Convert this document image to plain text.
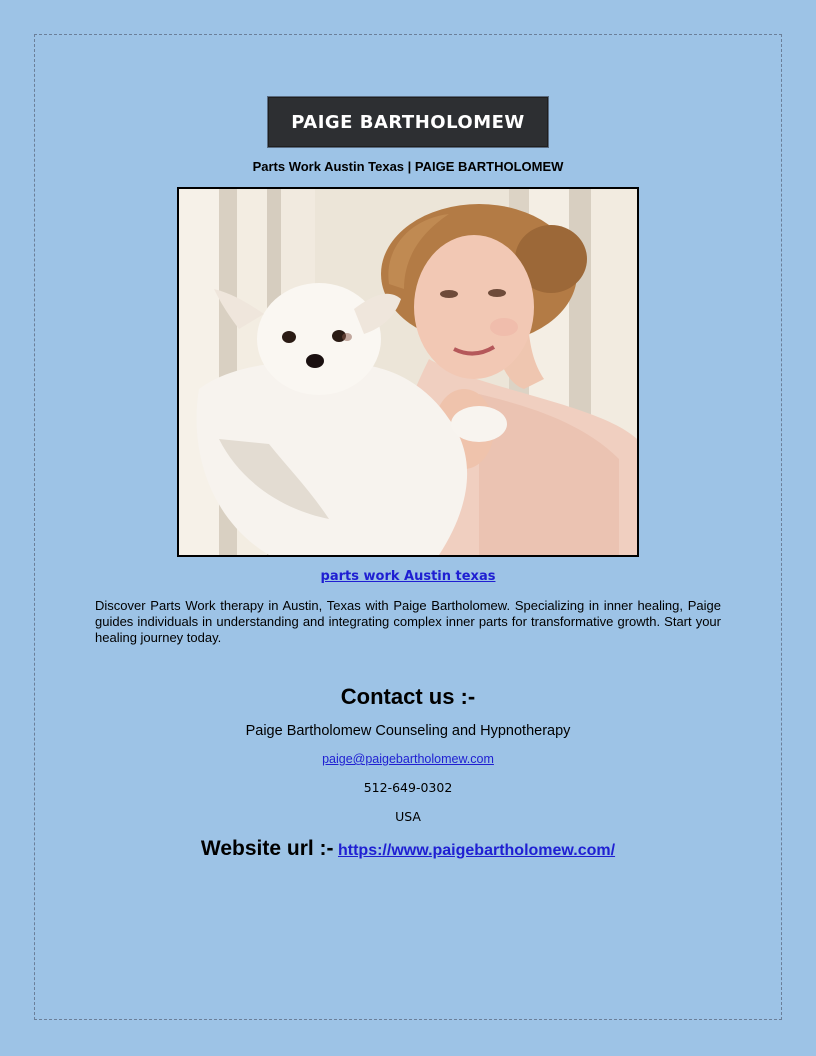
PAIGE BARTHOLOMEW
Parts Work Austin Texas | PAIGE BARTHOLOMEW
parts work Austin texas
Discover Parts Work therapy in Austin, Texas with Paige Bartholomew. Specializing in inner healing, Paige guides individuals in understanding and integrating complex inner parts for transformative growth. Start your healing journey today.
Contact us :-
Paige Bartholomew Counseling and Hypnotherapy
paige@paigebartholomew.com
512-649-0302
USA
Website url :- https://www.paigebartholomew.com/
